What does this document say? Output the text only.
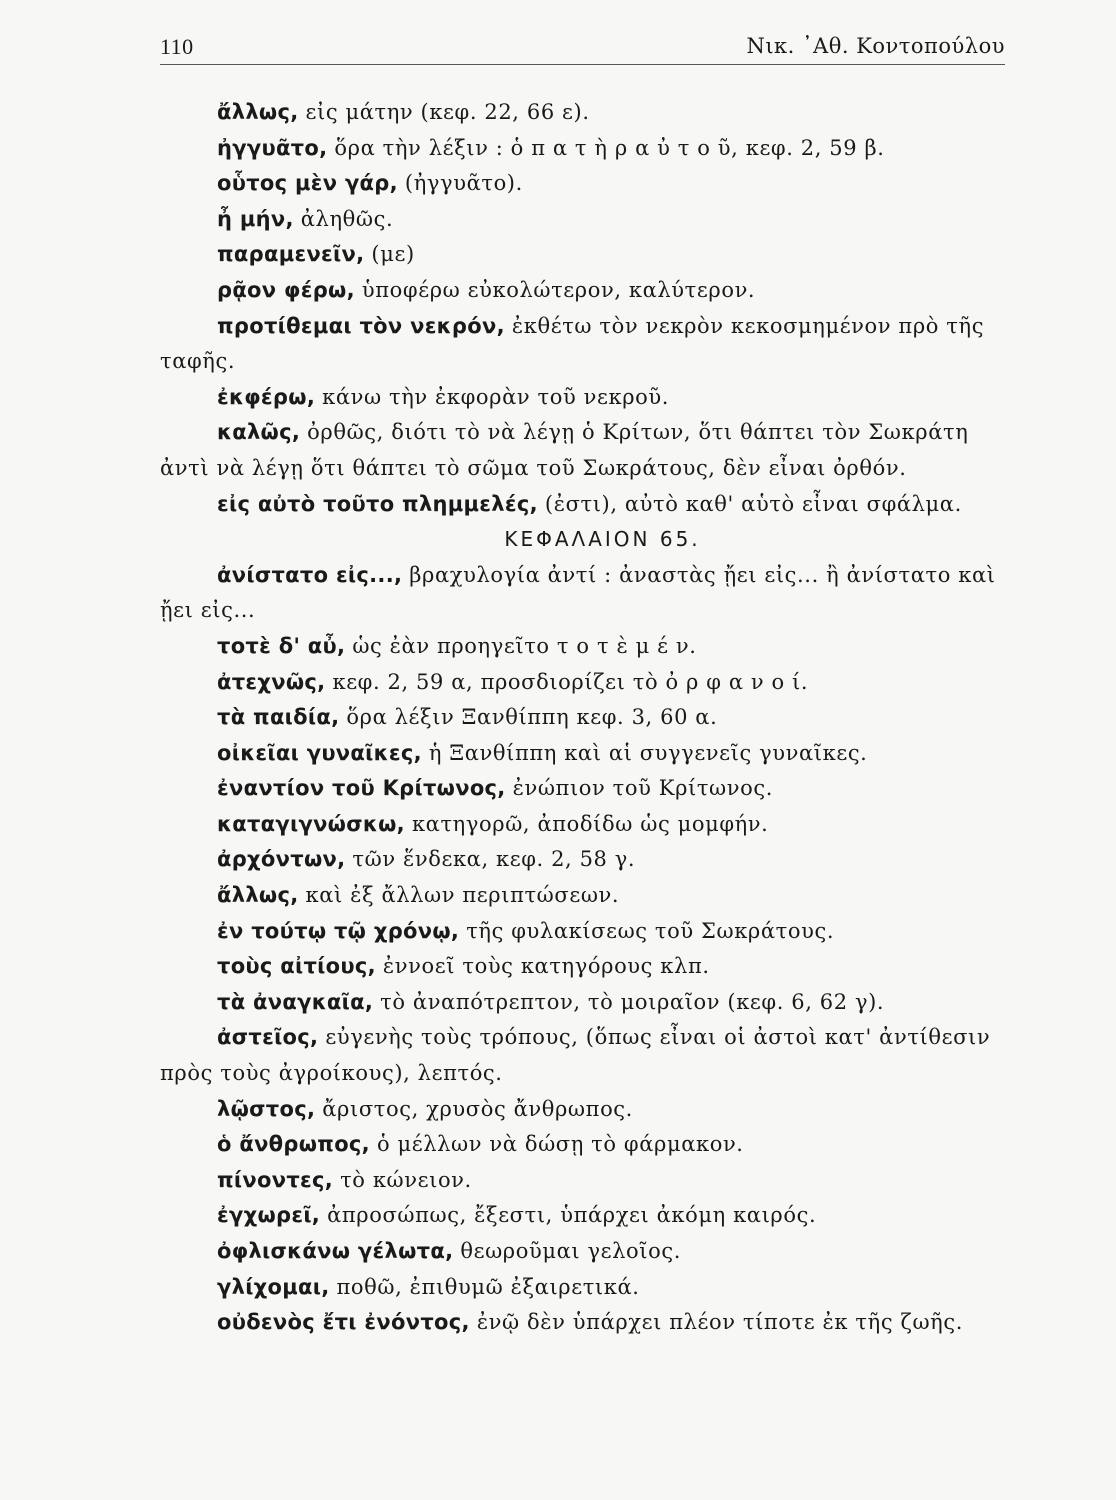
110	Νικ. ᾿Αθ. Κοντοπούλου
ἄλλως, εἰς μάτην (κεφ. 22, 66 ε).
ἠγγυᾶτο, ὅρα τὴν λέξιν : ὁ π α τ ὴ ρ α ὐ τ ο ῦ, κεφ. 2, 59 β.
οὗτος μὲν γάρ, (ἠγγυᾶτο).
ἦ μήν, ἀληθῶς.
παραμενεῖν, (με)
ρᾷον φέρω, ὑποφέρω εὐκολώτερον, καλύτερον.
προτίθεμαι τὸν νεκρόν, ἐκθέτω τὸν νεκρὸν κεκοσμημένον πρὸ τῆς ταφῆς.
ἐκφέρω, κάνω τὴν ἐκφορὰν τοῦ νεκροῦ.
καλῶς, ὀρθῶς, διότι τὸ νὰ λέγῃ ὁ Κρίτων, ὅτι θάπτει τὸν Σωκράτη ἀντὶ νὰ λέγῃ ὅτι θάπτει τὸ σῶμα τοῦ Σωκράτους, δὲν εἶναι ὀρθόν.
εἰς αὐτὸ τοῦτο πλημμελές, (ἐστι), αὐτὸ καθ' αὑτὸ εἶναι σφάλμα.
ΚΕΦΑΛΑΙΟΝ 65.
ἀνίστατο εἰς..., βραχυλογία ἀντί : ἀναστὰς ᾔει εἰς... ἢ ἀνίστατο καὶ ᾔει εἰς...
τοτὲ δ' αὖ, ὡς ἐὰν προηγεῖτο τ ο τ ὲ μ έ ν.
ἀτεχνῶς, κεφ. 2, 59 α, προσδιορίζει τὸ ὀ ρ φ α ν ο ί.
τὰ παιδία, ὅρα λέξιν Ξανθίππη κεφ. 3, 60 α.
οἰκεῖαι γυναῖκες, ἡ Ξανθίππη καὶ αἱ συγγενεῖς γυναῖκες.
ἐναντίον τοῦ Κρίτωνος, ἐνώπιον τοῦ Κρίτωνος.
καταγιγνώσκω, κατηγορῶ, ἀποδίδω ὡς μομφήν.
ἀρχόντων, τῶν ἕνδεκα, κεφ. 2, 58 γ.
ἄλλως, καὶ ἐξ ἄλλων περιπτώσεων.
ἐν τούτῳ τῷ χρόνῳ, τῆς φυλακίσεως τοῦ Σωκράτους.
τοὺς αἰτίους, ἐννοεῖ τοὺς κατηγόρους κλπ.
τὰ ἀναγκαῖα, τὸ ἀναπότρεπτον, τὸ μοιραῖον (κεφ. 6, 62 γ).
ἀστεῖος, εὐγενὴς τοὺς τρόπους, (ὅπως εἶναι οἱ ἀστοὶ κατ' ἀντίθεσιν πρὸς τοὺς ἀγροίκους), λεπτός.
λῷστος, ἄριστος, χρυσὸς ἄνθρωπος.
ὁ ἄνθρωπος, ὁ μέλλων νὰ δώσῃ τὸ φάρμακον.
πίνοντες, τὸ κώνειον.
ἐγχωρεῖ, ἀπροσώπως, ἔξεστι, ὑπάρχει ἀκόμη καιρός.
ὀφλισκάνω γέλωτα, θεωροῦμαι γελοῖος.
γλίχομαι, ποθῶ, ἐπιθυμῶ ἐξαιρετικά.
οὐδενὸς ἔτι ἐνόντος, ἐνῷ δὲν ὑπάρχει πλέον τίποτε ἐκ τῆς ζωῆς.
